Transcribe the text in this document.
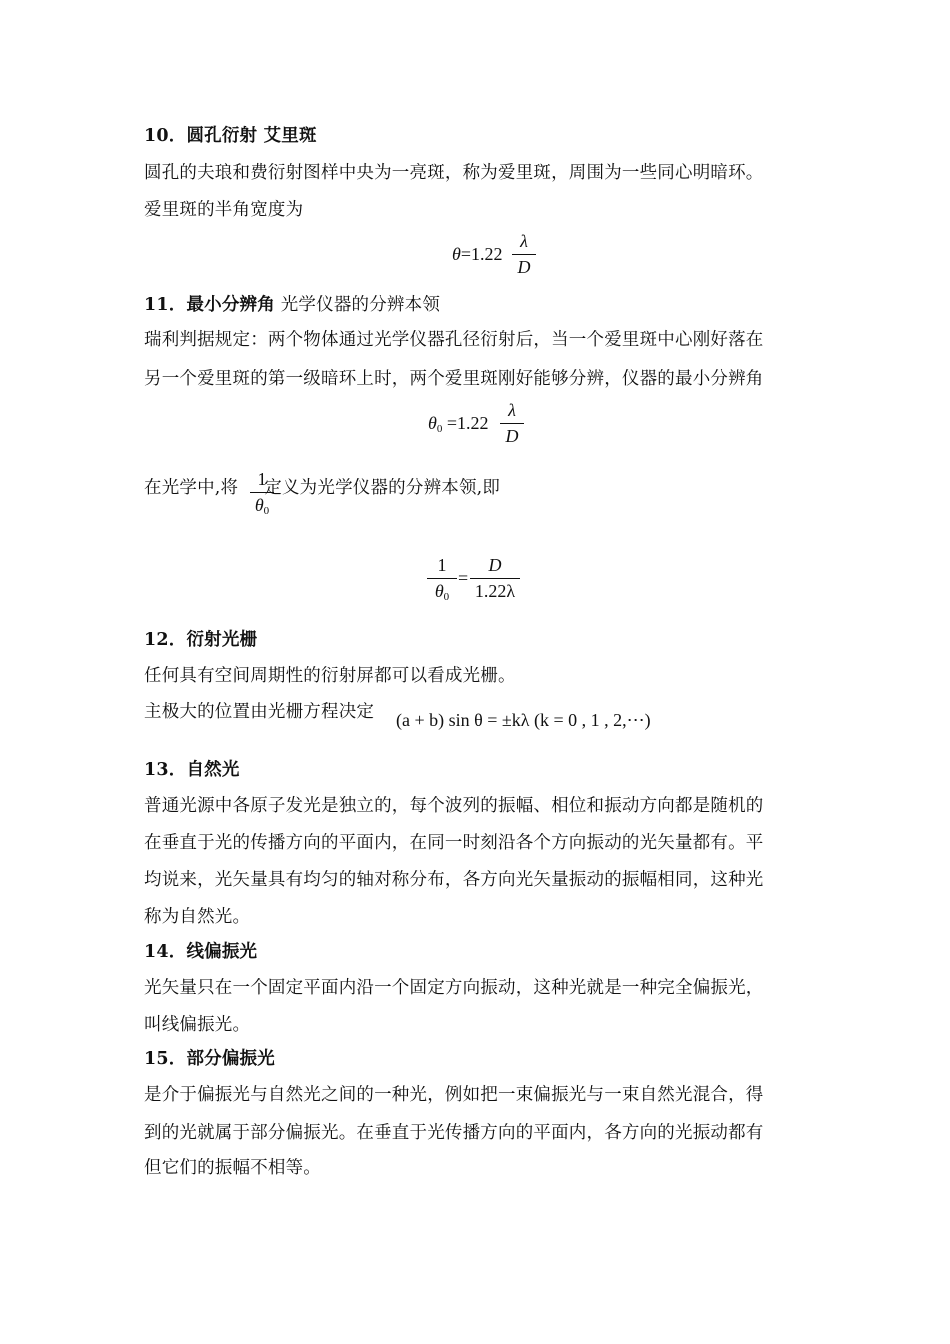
10．圆孔衍射 艾里斑
圆孔的夫琅和费衍射图样中央为一亮斑，称为爱里斑，周围为一些同心明暗环。
爱里斑的半角宽度为
θ=1.22
λ
D
11．最小分辨角 光学仪器的分辨本领
瑞利判据规定：两个物体通过光学仪器孔径衍射后，当一个爱里斑中心刚好落在
另一个爱里斑的第一级暗环上时，两个爱里斑刚好能够分辨，仪器的最小分辨角
$\theta_0 =1.22$
λ
D
在光学中,将 定义为光学仪器的分辨本领,即
1
$\theta_0$
1
$\theta_0$
=
D
1.22λ
12．衍射光栅
任何具有空间周期性的衍射屏都可以看成光栅。
主极大的位置由光栅方程决定 (a + b) sin θ = ±kλ (k = 0 , 1 , 2,⋯)
13．自然光
普通光源中各原子发光是独立的，每个波列的振幅、相位和振动方向都是随机的
在垂直于光的传播方向的平面内，在同一时刻沿各个方向振动的光矢量都有。平
均说来，光矢量具有均匀的轴对称分布，各方向光矢量振动的振幅相同，这种光
称为自然光。
14．线偏振光
光矢量只在一个固定平面内沿一个固定方向振动，这种光就是一种完全偏振光，
叫线偏振光。
15．部分偏振光
是介于偏振光与自然光之间的一种光，例如把一束偏振光与一束自然光混合，得
到的光就属于部分偏振光。在垂直于光传播方向的平面内，各方向的光振动都有
但它们的振幅不相等。
